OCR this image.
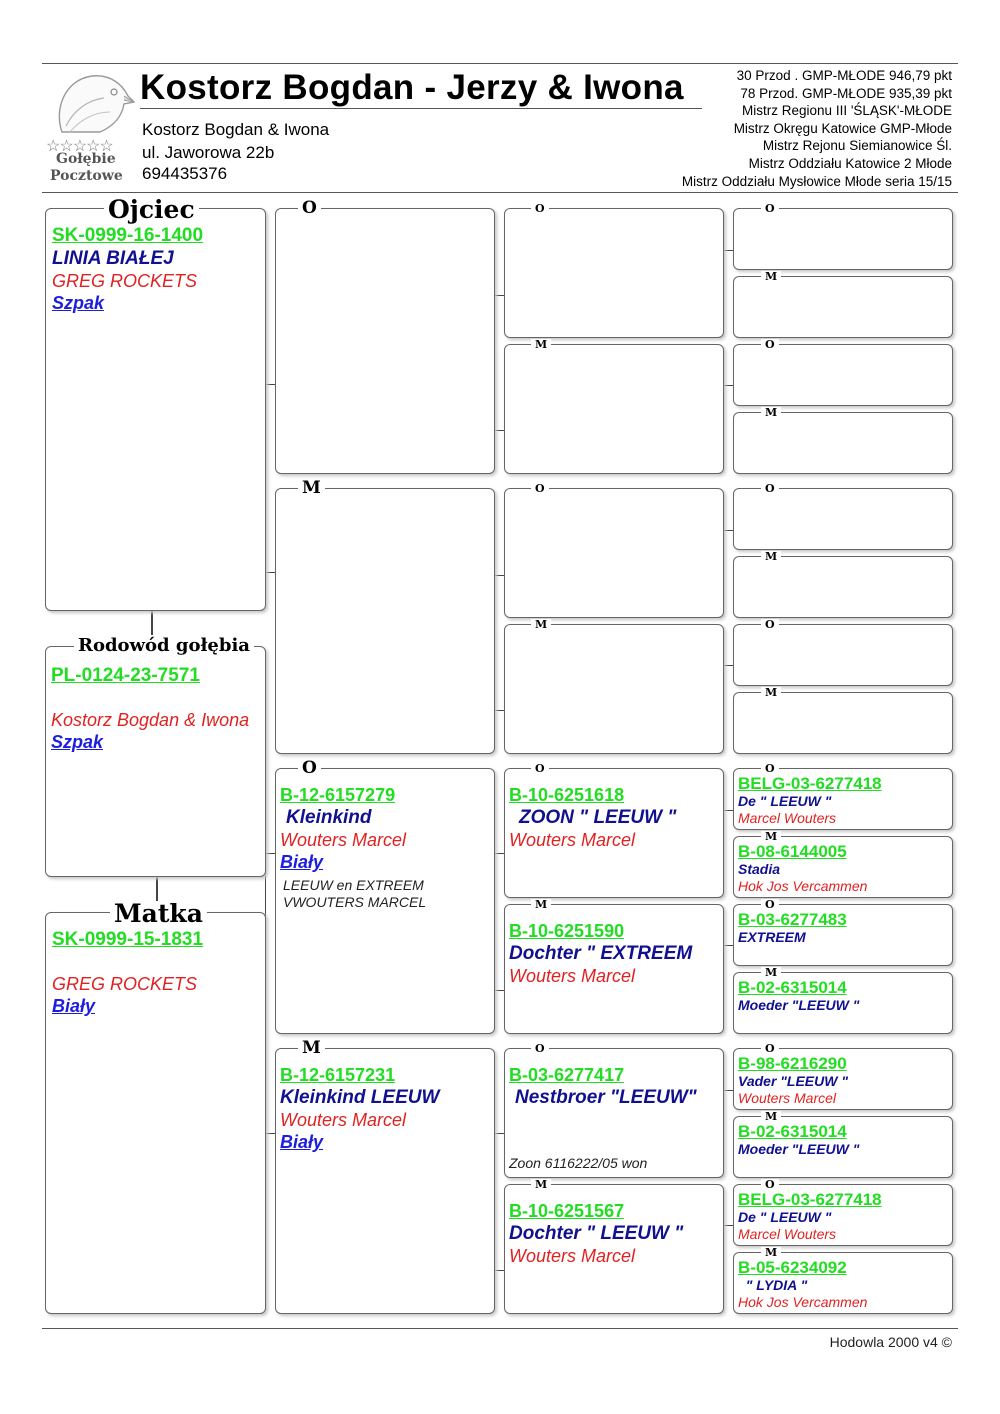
☆☆☆☆☆
Gołębie
Pocztowe
Kostorz Bogdan - Jerzy & Iwona
Kostorz Bogdan & Iwona
ul. Jaworowa 22b
694435376
30 Przod . GMP-MŁODE 946,79 pkt
78 Przod. GMP-MŁODE 935,39 pkt
Mistrz Regionu III 'ŚLĄSK'-MŁODE
Mistrz Okręgu Katowice GMP-Młode
Mistrz Rejonu Siemianowice Śl.
Mistrz Oddziału Katowice 2 Młode
Mistrz Oddziału Mysłowice Młode seria 15/15
Ojciec
SK-0999-16-1400
LINIA BIAŁEJ
GREG ROCKETS
Szpak
Rodowód gołębia
PL-0124-23-7571
Kostorz Bogdan & Iwona
Szpak
Matka
SK-0999-15-1831
GREG ROCKETS
Biały
O
M
O
B-12-6157279
Kleinkind
Wouters Marcel
Biały
LEEUW en EXTREEM
VWOUTERS MARCEL
M
B-12-6157231
Kleinkind LEEUW
Wouters Marcel
Biały
O
M
O
M
O
B-10-6251618
ZOON " LEEUW "
Wouters Marcel
M
B-10-6251590
Dochter " EXTREEM
Wouters Marcel
O
B-03-6277417
Nestbroer "LEEUW"
Zoon 6116222/05 won
M
B-10-6251567
Dochter " LEEUW "
Wouters Marcel
O
M
O
M
O
M
O
M
O
BELG-03-6277418
De " LEEUW "
Marcel Wouters
M
B-08-6144005
Stadia
Hok Jos Vercammen
O
B-03-6277483
EXTREEM
M
B-02-6315014
Moeder "LEEUW "
O
B-98-6216290
Vader "LEEUW "
Wouters Marcel
M
B-02-6315014
Moeder "LEEUW "
O
BELG-03-6277418
De " LEEUW "
Marcel Wouters
M
B-05-6234092
" LYDIA "
Hok Jos Vercammen
Hodowla 2000 v4 ©
